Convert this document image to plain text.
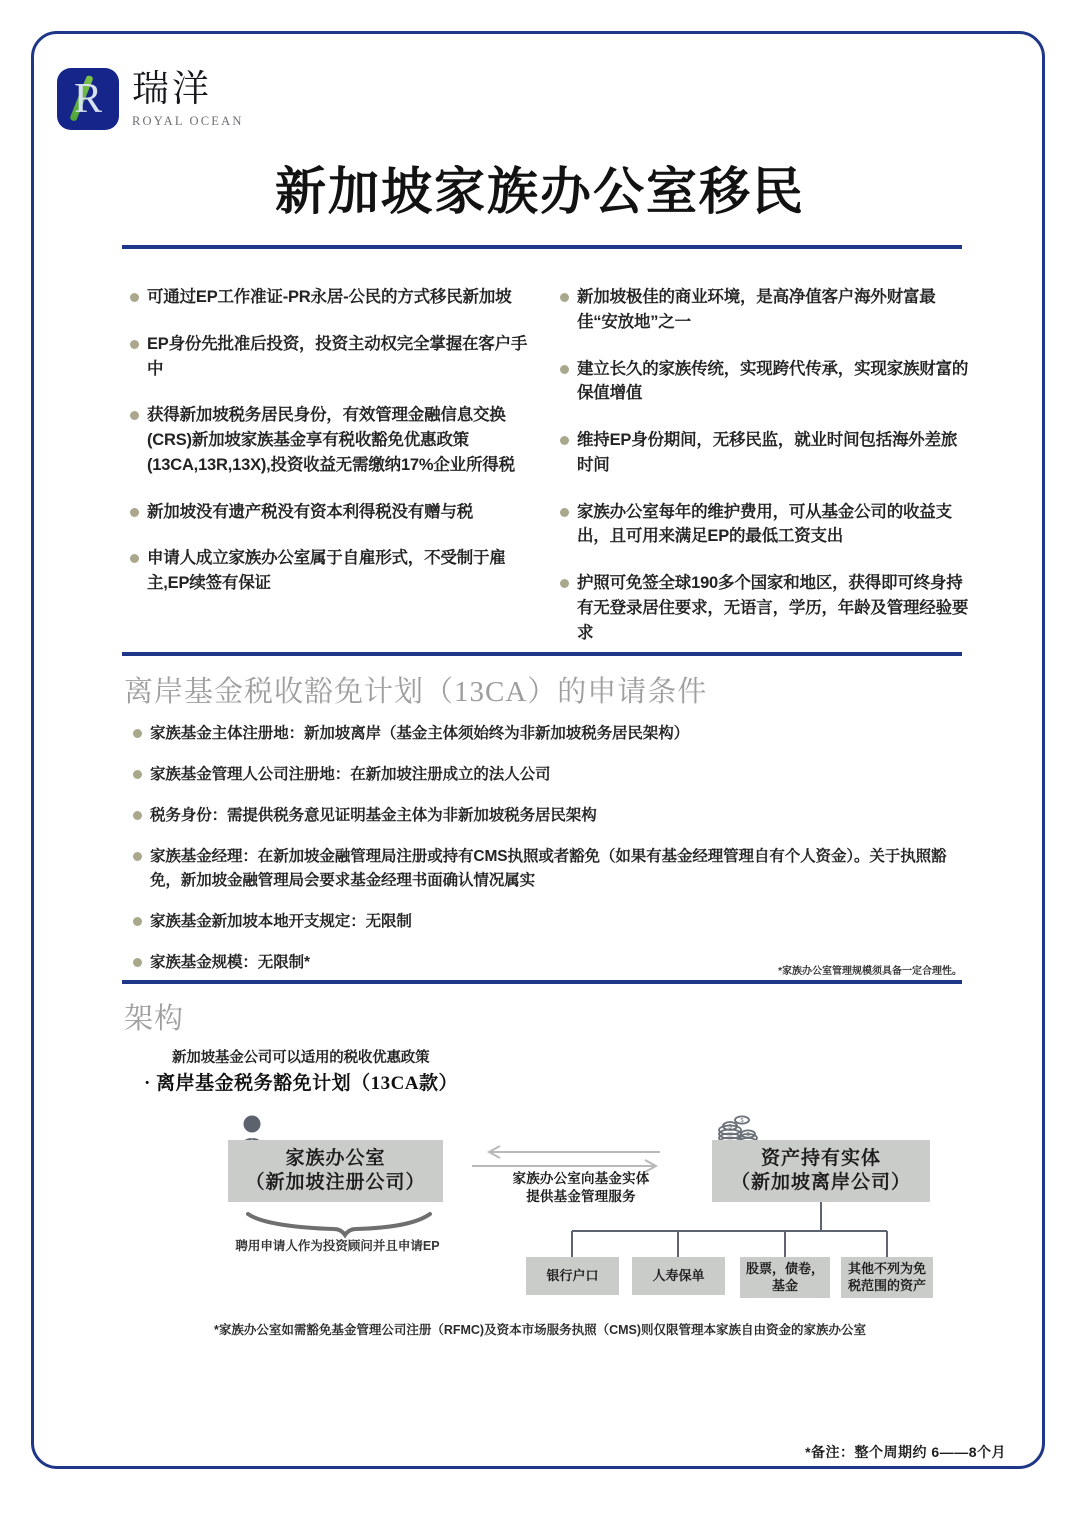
R 瑞洋
ROYAL OCEAN
新加坡家族办公室移民
可通过EP工作准证-PR永居-公民的方式移民新加坡
EP身份先批准后投资，投资主动权完全掌握在客户手中
获得新加坡税务居民身份，有效管理金融信息交换(CRS)新加坡家族基金享有税收豁免优惠政策(13CA,13R,13X),投资收益无需缴纳17%企业所得税
新加坡没有遗产税没有资本利得税没有赠与税
申请人成立家族办公室属于自雇形式，不受制于雇主,EP续签有保证
新加坡极佳的商业环境，是高净值客户海外财富最佳“安放地”之一
建立长久的家族传统，实现跨代传承，实现家族财富的保值增值
维持EP身份期间，无移民监，就业时间包括海外差旅时间
家族办公室每年的维护费用，可从基金公司的收益支出，且可用来满足EP的最低工资支出
护照可免签全球190多个国家和地区，获得即可终身持有无登录居住要求，无语言，学历，年龄及管理经验要求
离岸基金税收豁免计划（13CA）的申请条件
家族基金主体注册地：新加坡离岸（基金主体须始终为非新加坡税务居民架构）
家族基金管理人公司注册地：在新加坡注册成立的法人公司
税务身份：需提供税务意见证明基金主体为非新加坡税务居民架构
家族基金经理：在新加坡金融管理局注册或持有CMS执照或者豁免（如果有基金经理管理自有个人资金）。关于执照豁免，新加坡金融管理局会要求基金经理书面确认情况属实
家族基金新加坡本地开支规定：无限制
家族基金规模：无限制*
*家族办公室管理规模须具备一定合理性。
架构
新加坡基金公司可以适用的税收优惠政策
· 离岸基金税务豁免计划（13CA款）
$
$
$
家族办公室
（新加坡注册公司）
资产持有实体
（新加坡离岸公司）
家族办公室向基金实体
提供基金管理服务
聘用申请人作为投资顾问并且申请EP
银行户口	人寿保单	股票，债卷，
基金
其他不列为免
税范围的资产
*家族办公室如需豁免基金管理公司注册（RFMC)及资本市场服务执照（CMS)则仅限管理本家族自由资金的家族办公室
*备注：整个周期约 6——8个月
